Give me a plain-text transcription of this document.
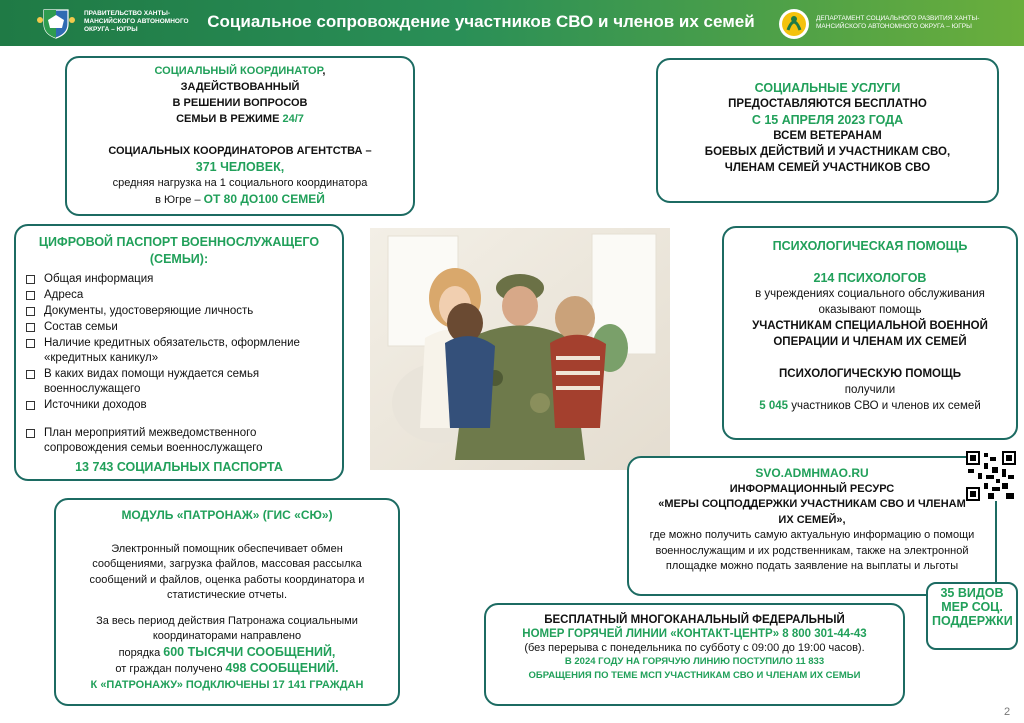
ПРАВИТЕЛЬСТВО ХАНТЫ-МАНСИЙСКОГО АВТОНОМНОГО ОКРУГА – ЮГРЫ	Социальное сопровождение участников СВО и членов их семей	ДЕПАРТАМЕНТ СОЦИАЛЬНОГО РАЗВИТИЯ ХАНТЫ-МАНСИЙСКОГО АВТОНОМНОГО ОКРУГА – ЮГРЫ
СОЦИАЛЬНЫЙ КООРДИНАТОР,
ЗАДЕЙСТВОВАННЫЙ
В РЕШЕНИИ ВОПРОСОВ
СЕМЬИ В РЕЖИМЕ 24/7
СОЦИАЛЬНЫХ КООРДИНАТОРОВ АГЕНТСТВА –
371 ЧЕЛОВЕК,
средняя нагрузка на 1 социального координатора
в Югре – ОТ 80 ДО100 СЕМЕЙ
СОЦИАЛЬНЫЕ УСЛУГИ
ПРЕДОСТАВЛЯЮТСЯ БЕСПЛАТНО
С 15 АПРЕЛЯ 2023 ГОДА
ВСЕМ ВЕТЕРАНАМ
БОЕВЫХ ДЕЙСТВИЙ И УЧАСТНИКАМ СВО,
ЧЛЕНАМ СЕМЕЙ УЧАСТНИКОВ СВО
ЦИФРОВОЙ ПАСПОРТ ВОЕННОСЛУЖАЩЕГО (СЕМЬИ):
Общая информация
Адреса
Документы, удостоверяющие личность
Состав семьи
Наличие кредитных обязательств, оформление «кредитных каникул»
В каких видах помощи нуждается семья военнослужащего
Источники доходов
План мероприятий межведомственного сопровождения семьи военнослужащего
13 743 СОЦИАЛЬНЫХ ПАСПОРТА
ПСИХОЛОГИЧЕСКАЯ ПОМОЩЬ
214 ПСИХОЛОГОВ
в учреждениях социального обслуживания оказывают помощь
УЧАСТНИКАМ СПЕЦИАЛЬНОЙ ВОЕННОЙ ОПЕРАЦИИ И ЧЛЕНАМ ИХ СЕМЕЙ
ПСИХОЛОГИЧЕСКУЮ ПОМОЩЬ
получили
5 045 участников СВО и членов их семей
SVO.ADMHMAO.RU
ИНФОРМАЦИОННЫЙ РЕСУРС
«МЕРЫ СОЦПОДДЕРЖКИ УЧАСТНИКАМ СВО И ЧЛЕНАМ ИХ СЕМЕЙ»,
где можно получить самую актуальную информацию о помощи военнослужащим и их родственникам, также на электронной площадке можно подать заявление на выплаты и льготы
35 ВИДОВ МЕР СОЦ. ПОДДЕРЖКИ
МОДУЛЬ «ПАТРОНАЖ» (ГИС «СЮ»)
Электронный помощник обеспечивает обмен сообщениями, загрузка файлов, массовая рассылка сообщений и файлов, оценка работы координатора и статистические отчеты.
За весь период действия Патронажа социальными координаторами направлено
порядка 600 ТЫСЯЧИ СООБЩЕНИЙ,
от граждан получено 498 СООБЩЕНИЙ.
К «ПАТРОНАЖУ» ПОДКЛЮЧЕНЫ 17 141 ГРАЖДАН
БЕСПЛАТНЫЙ МНОГОКАНАЛЬНЫЙ ФЕДЕРАЛЬНЫЙ
НОМЕР ГОРЯЧЕЙ ЛИНИИ «КОНТАКТ-ЦЕНТР» 8 800 301-44-43
(без перерыва с понедельника по субботу с 09:00 до 19:00 часов).
В 2024 ГОДУ НА ГОРЯЧУЮ ЛИНИЮ ПОСТУПИЛО 11 833
ОБРАЩЕНИЯ ПО ТЕМЕ МСП УЧАСТНИКАМ СВО И ЧЛЕНАМ ИХ СЕМЬИ
2
